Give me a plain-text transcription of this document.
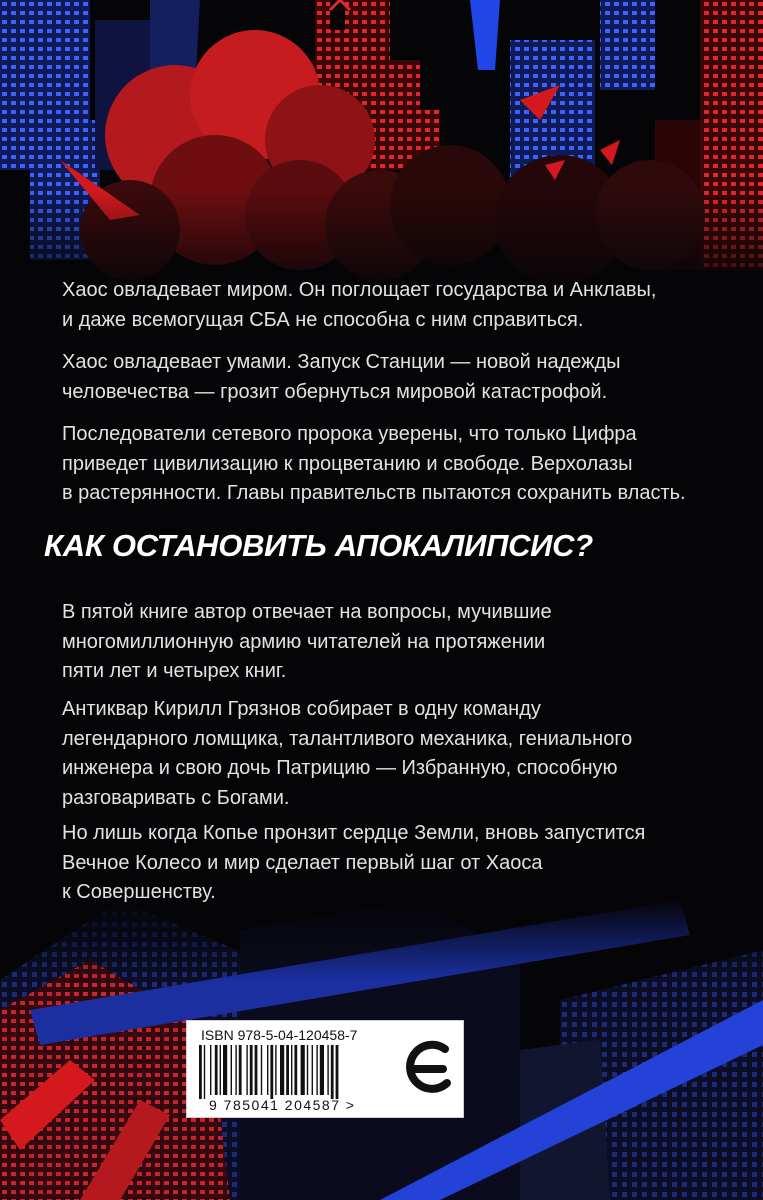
Хаос овладевает миром. Он поглощает государства и Анклавы,
и даже всемогущая СБА не способна с ним справиться.

Хаос овладевает умами. Запуск Станции — новой надежды
человечества — грозит обернуться мировой катастрофой.

Последователи сетевого пророка уверены, что только Цифра
приведет цивилизацию к процветанию и свободе. Верхолазы
в растерянности. Главы правительств пытаются сохранить власть.

КАК ОСТАНОВИТЬ АПОКАЛИПСИС?

В пятой книге автор отвечает на вопросы, мучившие
многомиллионную армию читателей на протяжении
пяти лет и четырех книг.

Антиквар Кирилл Грязнов собирает в одну команду
легендарного ломщика, талантливого механика, гениального
инженера и свою дочь Патрицию — Избранную, способную
разговаривать с Богами.

Но лишь когда Копье пронзит сердце Земли, вновь запустится
Вечное Колесо и мир сделает первый шаг от Хаоса
к Совершенству.

ISBN 978-5-04-120458-7
9 785041 204587 >
